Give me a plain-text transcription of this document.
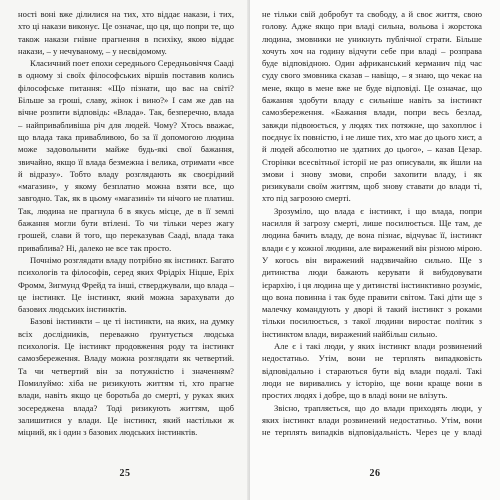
ності воні вже ділилися на тих, хто віддає накази, і тих, хто ці накази виконує. Це означає, що ця, що попри те, що також накази гнівне прагнення в психіку, якою віддає накази, – у нечуваному, – у несвідомому.

Класичний поет епохи середнього Середньовіччя Сааді в одному зі своїх філософських віршів поставив колись філософське питання: «Що пізнати, що вас на світі? Більше за гроші, славу, жінок і вино?» І сам же дав на вічне розпити відповідь: «Влада». Так, безперечно, влада – найпривабливіша річ для людей. Чому? Хтось вважає, що влада така привабливою, бо за її допомогою людина може задовольнити майже будь-які свої бажання, звичайно, якщо її влада безмежна і велика, отримати «все й відразу». Тобто владу розглядають як своєрідний «магазин», у якому безплатно можна взяти все, що завгодно. Так, як в цьому «магазині» ти нічого не платиш. Так, людина не прагнула б в якусь місце, де в її землі бажання могли бути втілені. То чи тільки через жагу грошей, слави й того, що переказував Сааді, влада така приваблива? Ні, далеко не все так просто.

Почнімо розглядати владу потрібно як інстинкт. Багато психологів та філософів, серед яких Фрідріх Ніцше, Еріх Фромм, Зигмунд Фрейд та інші, стверджували, що влада – це інстинкт. Це інстинкт, який можна зарахувати до базових людських інстинктів.

Базові інстинкти – це ті інстинкти, на яких, на думку всіх дослідників, переважно ґрунтується людська психологія. Це інстинкт продовження роду та інстинкт самозбереження. Владу можна розглядати як четвертий. Та чи четвертий він за потужністю і значенням? Помилуймо: хіба не ризикують життям ті, хто прагне влади, навіть якщо це боротьба до смерті, у руках яких зосереджена влада? Тоді ризикують життям, щоб залишитися у влади. Це інстинкт, який настільки ж міцний, як і один з базових людських інстинктів.

25

не тільки свій добробут та свободу, а й своє життя, свою голову. Адже якщо при владі сильна, вольова і жорстока людина, змовники не уникнуть публічної страти. Більше хочуть хоч на годину відчути себе при владі – розправа буде відповідною. Один африканський керманич під час суду свого змовника сказав – навіщо, – я знаю, що чекає на мене, якщо в мене вже не буде відповіді. Це означає, що бажання здобути владу є сильніше навіть за інстинкт самозбереження. «Бажання влади, попри весь безлад, завжди підвоюється, у людях тих потяжне, що захоплює і поєднує їх повністю, і не лише тих, хто має до цього хист, а й людей абсолютно не здатних до цього», – казав Цезар. Сторінки всесвітньої історії не раз описували, як йшли на змови і знову змови, спроби захопити владу, і як ризикували своїм життям, щоб знову ставати до влади ті, хто під загрозою смерті.

Зрозуміло, що влада є інстинкт, і що влада, попри насилля й загрозу смерті, лише посилюється. Ще там, де людина бачить владу, де вона пізнає, відчуває її, інстинкт влади є у кожної людини, але виражений він різною мірою. У когось він виражений надзвичайно сильно. Ще з дитинства люди бажають керувати й вибудовувати ієрархію, і ця людина ще у дитинстві інстинктивно розуміє, що вона повинна і так буде правити світом. Такі діти ще з малечку командують у дворі й такий інстинкт з роками тільки посилюється, з такої людини виростає політик з інстинктом влади, виражений найбільш сильно.

Але є і такі люди, у яких інстинкт влади розвинений недостатньо. Утім, вони не терплять випадковість відповідально і стараються бути від влади подалі. Такі люди не виривались у історію, ще вони краще вони в простих людях і добре, що в владі вони не влізуть.

Звісно, трапляється, що до влади приходять люди, у яких інстинкт влади розвинений недостатньо. Утім, вони не терплять випадків відповідальність. Через це у владі

26
